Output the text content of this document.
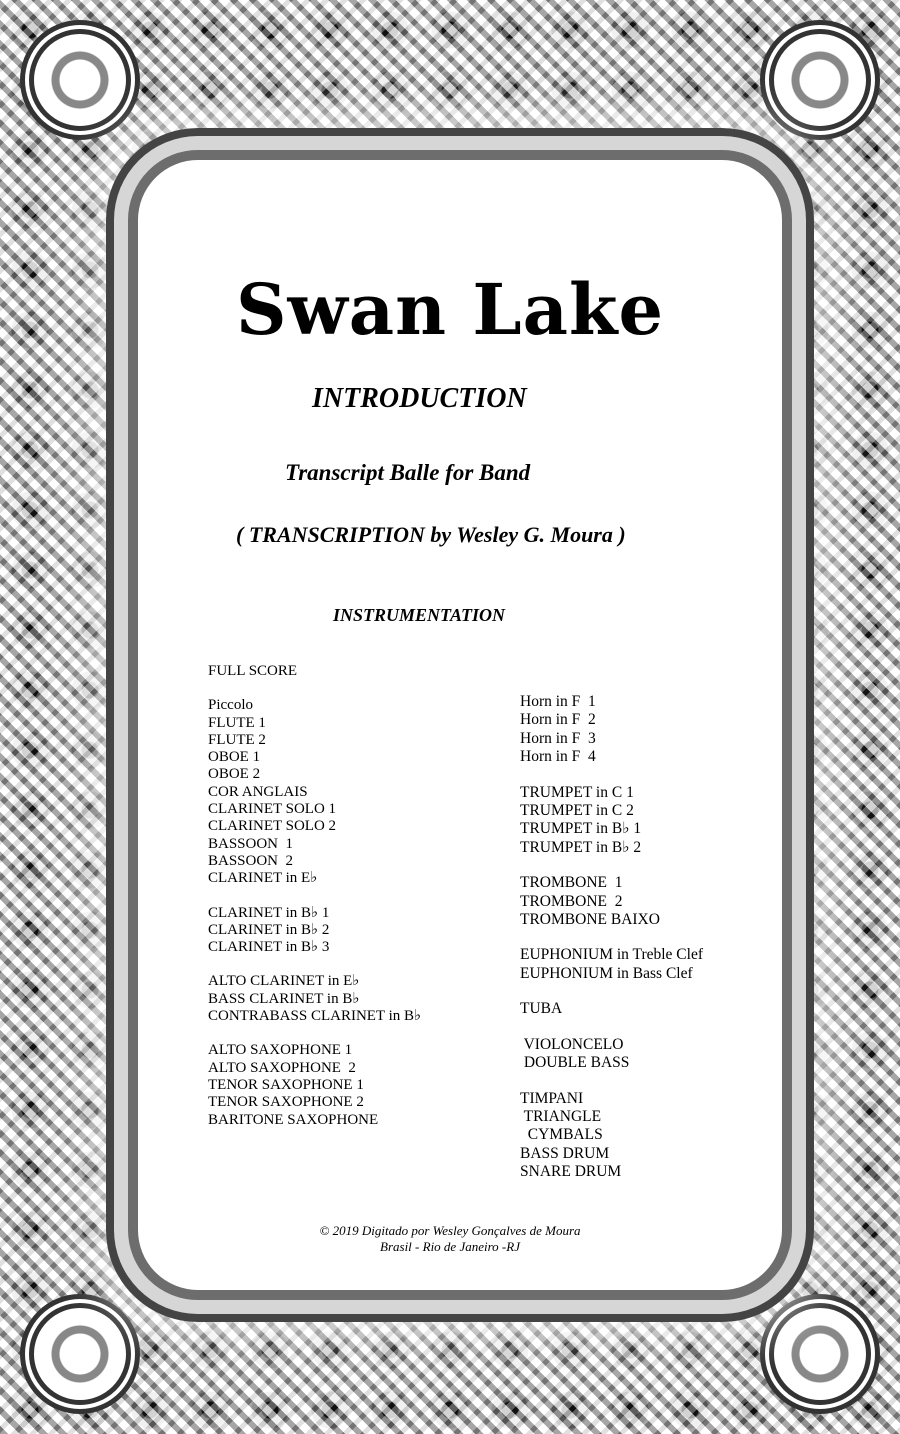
Swan Lake
INTRODUCTION
Transcript Balle for Band
( TRANSCRIPTION by Wesley G. Moura )
INSTRUMENTATION
FULL SCORE
Piccolo
FLUTE 1
FLUTE 2
OBOE 1
OBOE 2
COR ANGLAIS
CLARINET SOLO 1
CLARINET SOLO 2
BASSOON  1
BASSOON  2
CLARINET in E♭
CLARINET in B♭ 1
CLARINET in B♭ 2
CLARINET in B♭ 3
ALTO CLARINET in E♭
BASS CLARINET in B♭
CONTRABASS CLARINET in B♭
ALTO SAXOPHONE 1
ALTO SAXOPHONE  2
TENOR SAXOPHONE 1
TENOR SAXOPHONE 2
BARITONE SAXOPHONE
Horn in F  1
Horn in F  2
Horn in F  3
Horn in F  4
TRUMPET in C 1
TRUMPET in C 2
TRUMPET in B♭ 1
TRUMPET in B♭ 2
TROMBONE  1
TROMBONE  2
TROMBONE BAIXO
EUPHONIUM in Treble Clef
EUPHONIUM in Bass Clef
TUBA
VIOLONCELO
DOUBLE BASS
TIMPANI
TRIANGLE
CYMBALS
BASS DRUM
SNARE DRUM
© 2019 Digitado por Wesley Gonçalves de Moura
Brasil - Rio de Janeiro -RJ
